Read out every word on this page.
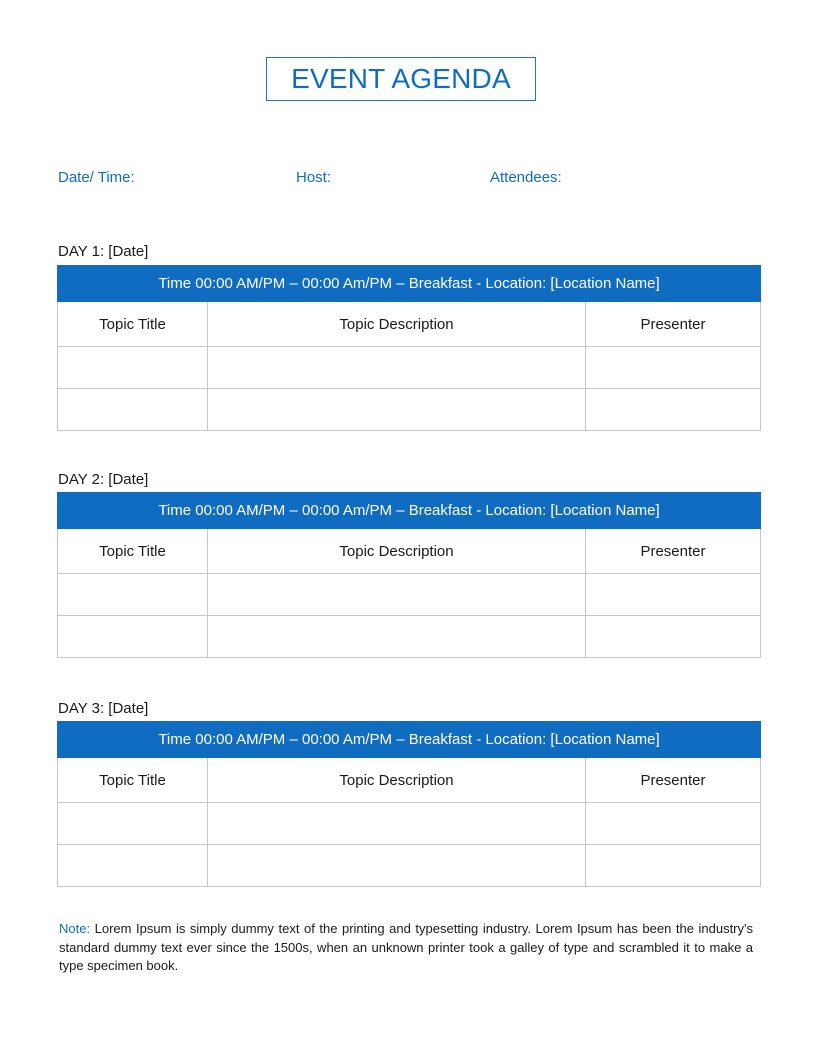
EVENT AGENDA
Date/ Time:	Host:	Attendees:
DAY 1: [Date]
Time 00:00 AM/PM – 00:00 Am/PM – Breakfast - Location: [Location Name]		
Topic Title	Topic Description	Presenter

DAY 2: [Date]
Time 00:00 AM/PM – 00:00 Am/PM – Breakfast - Location: [Location Name]		
Topic Title	Topic Description	Presenter

DAY 3: [Date]
Time 00:00 AM/PM – 00:00 Am/PM – Breakfast - Location: [Location Name]		
Topic Title	Topic Description	Presenter

Note: Lorem Ipsum is simply dummy text of the printing and typesetting industry. Lorem Ipsum has been the industry's standard dummy text ever since the 1500s, when an unknown printer took a galley of type and scrambled it to make a type specimen book.
